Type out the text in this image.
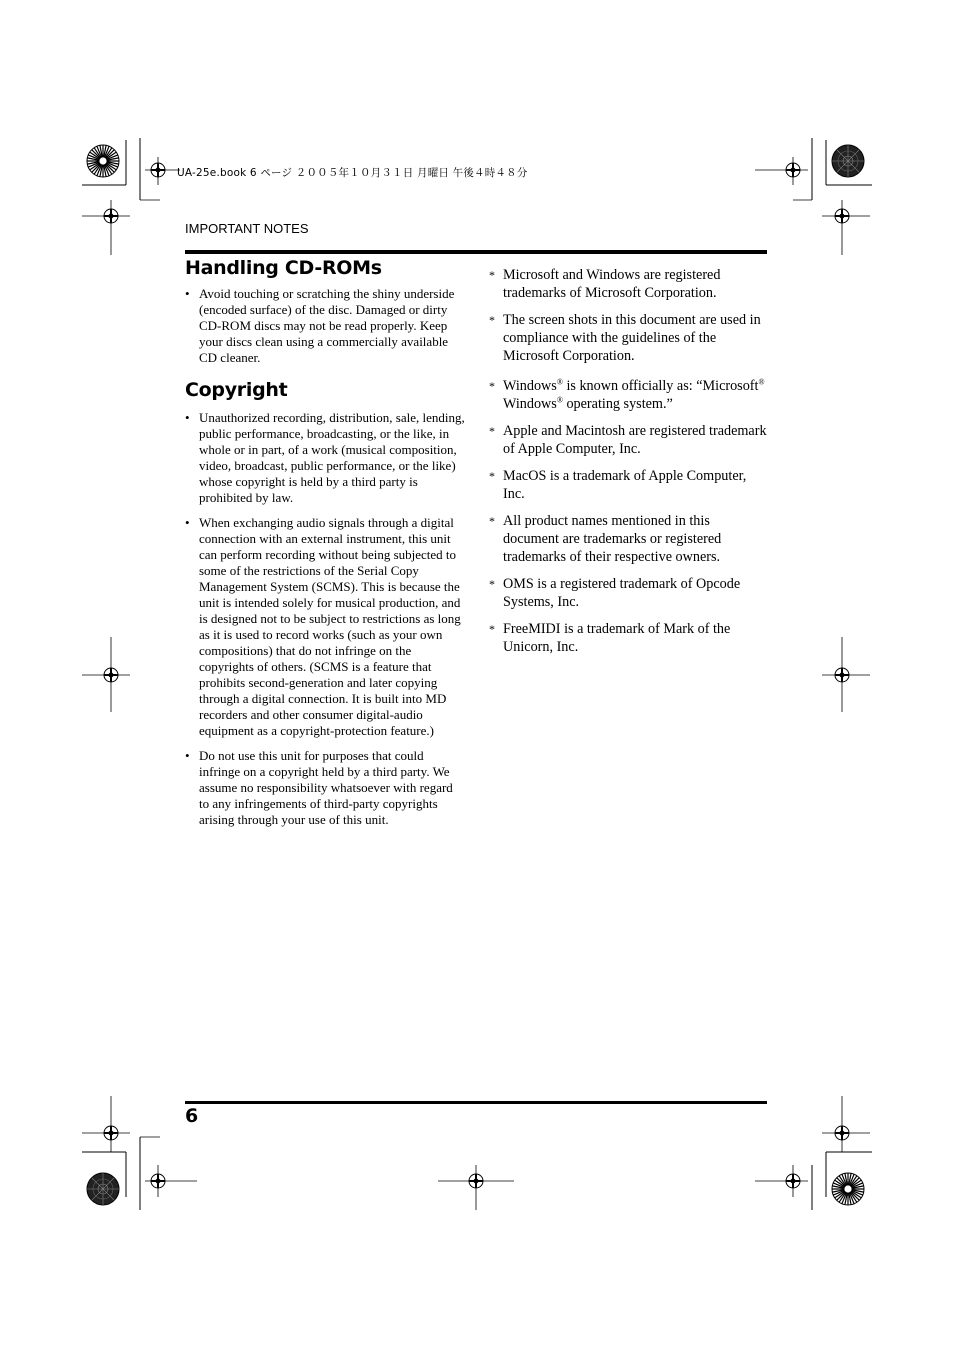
UA-25e.book 6 ページ ２００５年１０月３１日 月曜日 午後４時４８分
IMPORTANT NOTES
Handling CD-ROMs
• Avoid touching or scratching the shiny underside (encoded surface) of the disc. Damaged or dirty CD-ROM discs may not be read properly. Keep your discs clean using a commercially available CD cleaner.
Copyright
• Unauthorized recording, distribution, sale, lending, public performance, broadcasting, or the like, in whole or in part, of a work (musical composition, video, broadcast, public performance, or the like) whose copyright is held by a third party is prohibited by law.
• When exchanging audio signals through a digital connection with an external instrument, this unit can perform recording without being subjected to some of the restrictions of the Serial Copy Management System (SCMS). This is because the unit is intended solely for musical production, and is designed not to be subject to restrictions as long as it is used to record works (such as your own compositions) that do not infringe on the copyrights of others. (SCMS is a feature that prohibits second-generation and later copying through a digital connection. It is built into MD recorders and other consumer digital-audio equipment as a copyright-protection feature.)
• Do not use this unit for purposes that could infringe on a copyright held by a third party. We assume no responsibility whatsoever with regard to any infringements of third-party copyrights arising through your use of this unit.
* Microsoft and Windows are registered trademarks of Microsoft Corporation.
* The screen shots in this document are used in compliance with the guidelines of the Microsoft Corporation.
* Windows® is known officially as: “Microsoft® Windows® operating system.”
* Apple and Macintosh are registered trademark of Apple Computer, Inc.
* MacOS is a trademark of Apple Computer, Inc.
* All product names mentioned in this document are trademarks or registered trademarks of their respective owners.
* OMS is a registered trademark of Opcode Systems, Inc.
* FreeMIDI is a trademark of Mark of the Unicorn, Inc.
6
